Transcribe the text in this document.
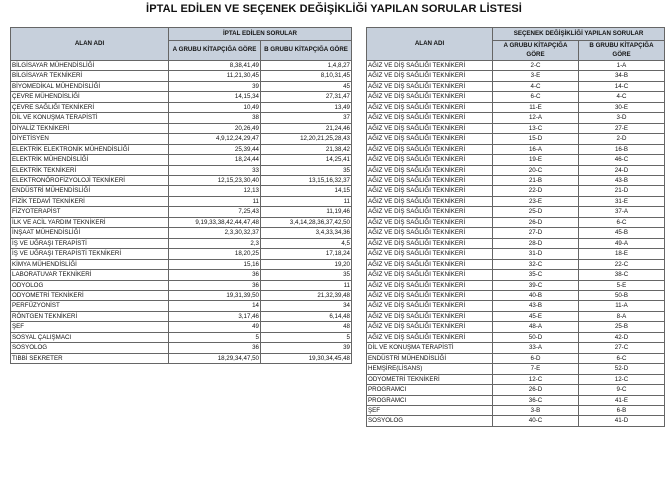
İPTAL EDİLEN VE SEÇENEK DEĞİŞİKLİĞİ YAPILAN SORULAR LİSTESİ
ALAN ADI	İPTAL EDİLEN SORULAR	
	A GRUBU KİTAPÇIĞA GÖRE	B GRUBU KİTAPÇIĞA GÖRE
BİLGİSAYAR MÜHENDİSLİĞİ	8,38,41,49	1,4,8,27
BİLGİSAYAR TEKNİKERİ	11,21,30,45	8,10,31,45
BİYOMEDİKAL MÜHENDİSLİĞİ	39	45
ÇEVRE MÜHENDİSLİĞİ	14,15,34	27,31,47
ÇEVRE SAĞLIĞI TEKNİKERİ	10,49	13,49
DİL VE KONUŞMA TERAPİSTİ	38	37
DİYALİZ TEKNİKERİ	20,26,49	21,24,46
DİYETİSYEN	4,9,12,24,29,47	12,20,21,25,28,43
ELEKTRİK ELEKTRONİK MÜHENDİSLİĞİ	25,39,44	21,38,42
ELEKTRİK MÜHENDİSLİĞİ	18,24,44	14,25,41
ELEKTRİK TEKNİKERİ	33	35
ELEKTRONÖROFİZYOLOJİ TEKNİKERİ	12,15,23,30,40	13,15,16,32,37
ENDÜSTRİ MÜHENDİSLİĞİ	12,13	14,15
FİZİK TEDAVİ TEKNİKERİ	11	11
FİZYOTERAPİST	7,25,43	11,19,46
İLK VE ACİL YARDIM TEKNİKERİ	9,19,33,38,42,44,47,48	3,4,14,28,36,37,42,50
İNŞAAT MÜHENDİSLİĞİ	2,3,30,32,37	3,4,33,34,36
İŞ VE UĞRAŞI TERAPİSTİ	2,3	4,5
İŞ VE UĞRAŞI TERAPİSTİ TEKNİKERİ	18,20,25	17,18,24
KİMYA MÜHENDİSLİĞİ	15,16	19,20
LABORATUVAR TEKNİKERİ	36	35
ODYOLOG	36	11
ODYOMETRİ TEKNİKERİ	19,31,39,50	21,32,39,48
PERFÜZYONİST	14	34
RÖNTGEN TEKNİKERİ	3,17,46	6,14,48
ŞEF	49	48
SOSYAL ÇALIŞMACI	5	5
SOSYOLOG	36	39
TIBBİ SEKRETER	18,29,34,47,50	19,30,34,45,48
ALAN ADI	SEÇENEK DEĞİŞİKLİĞİ YAPILAN SORULAR	
	A GRUBU KİTAPÇIĞA GÖRE	B GRUBU KİTAPÇIĞA GÖRE
AĞIZ VE DİŞ SAĞLIĞI TEKNİKERİ	2-C	1-A
AĞIZ VE DİŞ SAĞLIĞI TEKNİKERİ	3-E	34-B
AĞIZ VE DİŞ SAĞLIĞI TEKNİKERİ	4-C	14-C
AĞIZ VE DİŞ SAĞLIĞI TEKNİKERİ	6-C	4-C
AĞIZ VE DİŞ SAĞLIĞI TEKNİKERİ	11-E	30-E
AĞIZ VE DİŞ SAĞLIĞI TEKNİKERİ	12-A	3-D
AĞIZ VE DİŞ SAĞLIĞI TEKNİKERİ	13-C	27-E
AĞIZ VE DİŞ SAĞLIĞI TEKNİKERİ	15-D	2-D
AĞIZ VE DİŞ SAĞLIĞI TEKNİKERİ	16-A	16-B
AĞIZ VE DİŞ SAĞLIĞI TEKNİKERİ	19-E	46-C
AĞIZ VE DİŞ SAĞLIĞI TEKNİKERİ	20-C	24-D
AĞIZ VE DİŞ SAĞLIĞI TEKNİKERİ	21-B	43-B
AĞIZ VE DİŞ SAĞLIĞI TEKNİKERİ	22-D	21-D
AĞIZ VE DİŞ SAĞLIĞI TEKNİKERİ	23-E	31-E
AĞIZ VE DİŞ SAĞLIĞI TEKNİKERİ	25-D	37-A
AĞIZ VE DİŞ SAĞLIĞI TEKNİKERİ	26-D	6-C
AĞIZ VE DİŞ SAĞLIĞI TEKNİKERİ	27-D	45-B
AĞIZ VE DİŞ SAĞLIĞI TEKNİKERİ	28-D	49-A
AĞIZ VE DİŞ SAĞLIĞI TEKNİKERİ	31-D	18-E
AĞIZ VE DİŞ SAĞLIĞI TEKNİKERİ	32-C	22-C
AĞIZ VE DİŞ SAĞLIĞI TEKNİKERİ	35-C	38-C
AĞIZ VE DİŞ SAĞLIĞI TEKNİKERİ	39-C	5-E
AĞIZ VE DİŞ SAĞLIĞI TEKNİKERİ	40-B	50-B
AĞIZ VE DİŞ SAĞLIĞI TEKNİKERİ	43-B	11-A
AĞIZ VE DİŞ SAĞLIĞI TEKNİKERİ	45-E	8-A
AĞIZ VE DİŞ SAĞLIĞI TEKNİKERİ	48-A	25-B
AĞIZ VE DİŞ SAĞLIĞI TEKNİKERİ	50-D	42-D
DİL VE KONUŞMA TERAPİSTİ	33-A	27-C
ENDÜSTRİ MÜHENDİSLİĞİ	6-D	6-C
HEMŞİRE(LİSANS)	7-E	52-D
ODYOMETRİ TEKNİKERİ	12-C	12-C
PROGRAMCI	26-D	9-C
PROGRAMCI	36-C	41-E
ŞEF	3-B	6-B
SOSYOLOG	40-C	41-D
